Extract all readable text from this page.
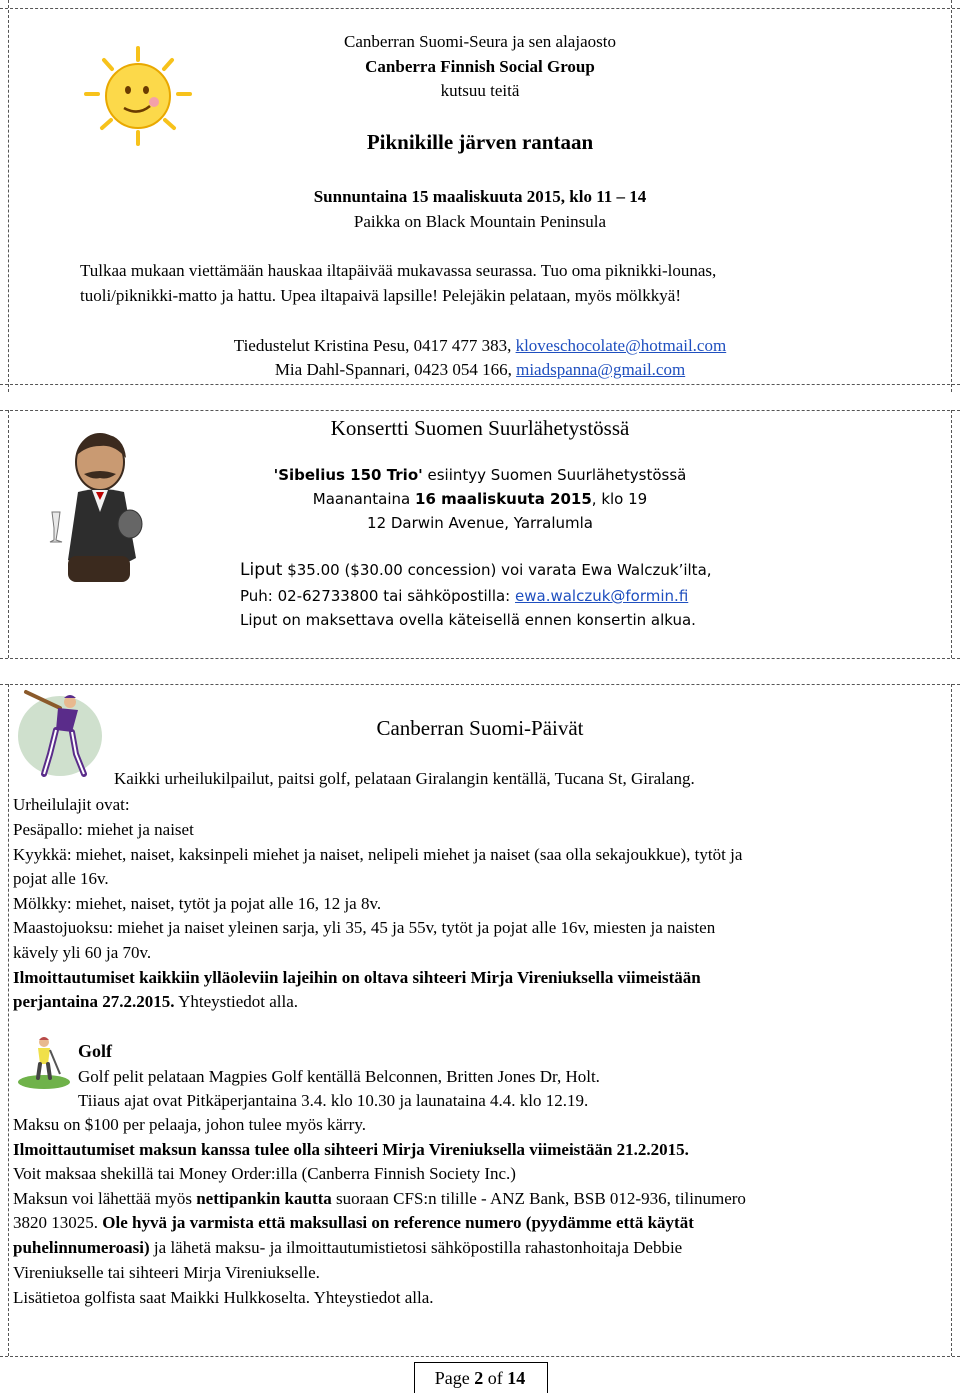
Canberran Suomi-Seura ja sen alajaosto
Canberra Finnish Social Group
kutsuu teitä
Piknikille järven rantaan
Sunnuntaina 15 maaliskuuta 2015, klo 11 – 14
Paikka on Black Mountain Peninsula
Tulkaa mukaan viettämään hauskaa iltapäivää mukavassa seurassa. Tuo oma piknikki-lounas,
tuoli/piknikki-matto ja hattu. Upea iltapaivä lapsille! Pelejäkin pelataan, myös mölkkyä!
Tiedustelut Kristina Pesu, 0417 477 383, kloveschocolate@hotmail.com
Mia Dahl-Spannari, 0423 054 166, miadspanna@gmail.com
Konsertti Suomen Suurlähetystössä
'Sibelius 150 Trio' esiintyy Suomen Suurlähetystössä
Maanantaina 16 maaliskuuta 2015, klo 19
12 Darwin Avenue, Yarralumla
Liput $35.00 ($30.00 concession) voi varata Ewa Walczuk’ilta,
Puh: 02-62733800 tai sähköpostilla: ewa.walczuk@formin.fi
Liput on maksettava ovella käteisellä ennen konsertin alkua.
Canberran Suomi-Päivät
Kaikki urheilukilpailut, paitsi golf, pelataan Giralangin kentällä, Tucana St, Giralang.
Urheilulajit ovat:
Pesäpallo: miehet ja naiset
Kyykkä: miehet, naiset, kaksinpeli miehet ja naiset, nelipeli miehet ja naiset (saa olla sekajoukkue), tytöt ja
pojat alle 16v.
Mölkky: miehet, naiset, tytöt ja pojat alle 16, 12 ja 8v.
Maastojuoksu: miehet ja naiset yleinen sarja, yli 35, 45 ja 55v, tytöt ja pojat alle 16v, miesten ja naisten
kävely yli 60 ja 70v.
Ilmoittautumiset kaikkiin ylläoleviin lajeihin on oltava sihteeri Mirja Vireniuksella viimeistään
perjantaina 27.2.2015. Yhteystiedot alla.
Golf
Golf pelit pelataan Magpies Golf kentällä Belconnen, Britten Jones Dr, Holt.
Tiiaus ajat ovat Pitkäperjantaina 3.4. klo 10.30 ja launataina 4.4. klo 12.19.
Maksu on $100 per pelaaja, johon tulee myös kärry.
Ilmoittautumiset maksun kanssa tulee olla sihteeri Mirja Vireniuksella viimeistään 21.2.2015.
Voit maksaa shekillä tai Money Order:illa (Canberra Finnish Society Inc.)
Maksun voi lähettää myös nettipankin kautta suoraan CFS:n tilille - ANZ Bank, BSB 012-936, tilinumero
3820 13025. Ole hyvä ja varmista että maksullasi on reference numero (pyydämme että käytät
puhelinnumeroasi) ja lähetä maksu- ja ilmoittautumistietosi sähköpostilla rahastonhoitaja Debbie
Vireniukselle tai sihteeri Mirja Vireniukselle.
Lisätietoa golfista saat Maikki Hulkkoselta. Yhteystiedot alla.
Page 2 of 14
